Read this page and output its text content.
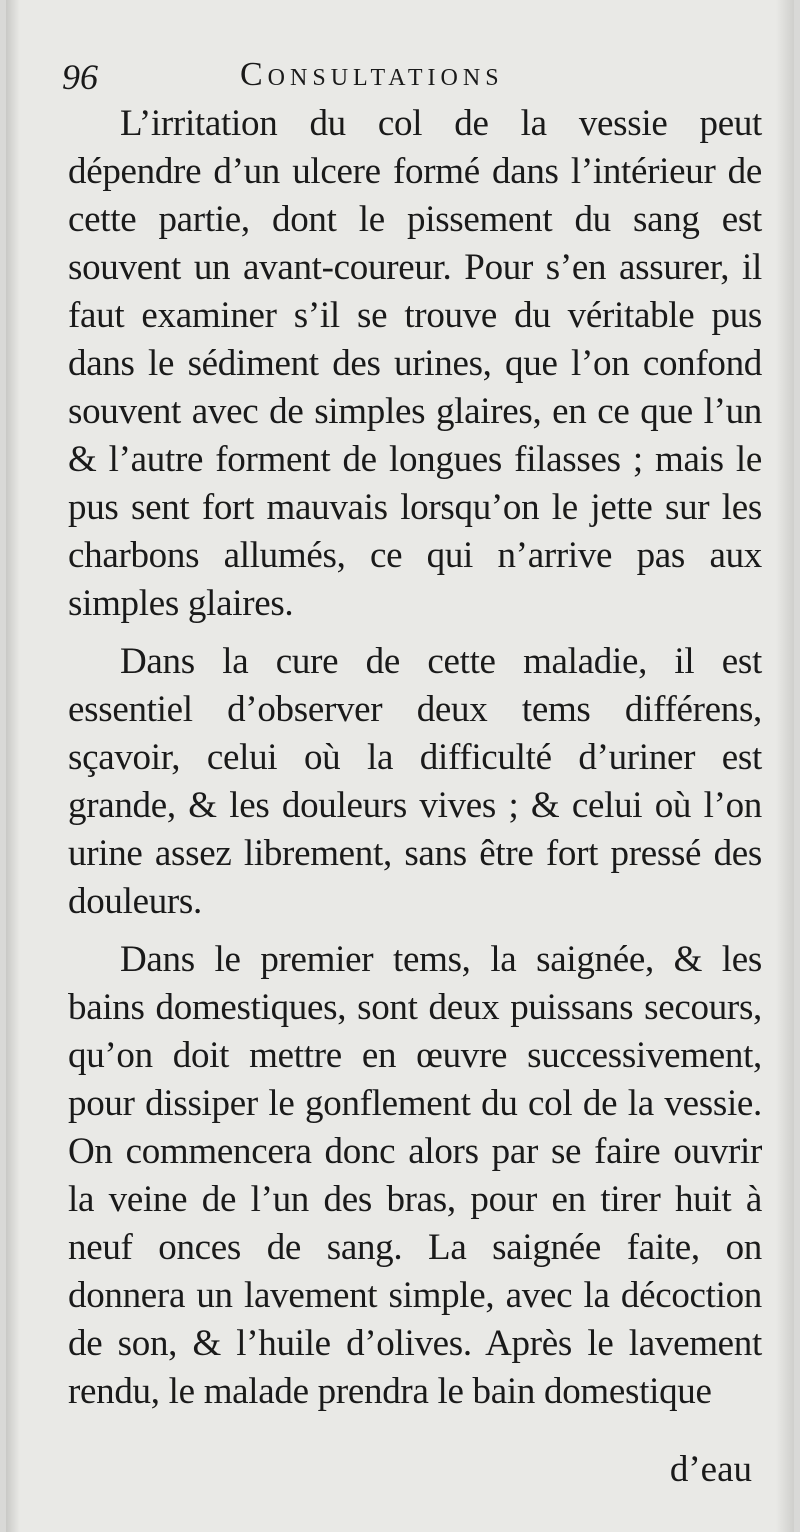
96	Consultations

L’irritation du col de la vessie peut dépendre d’un ulcere formé dans l’intérieur de cette partie, dont le pissement du sang est souvent un avant-coureur. Pour s’en assurer, il faut examiner s’il se trouve du véritable pus dans le sédiment des urines, que l’on confond souvent avec de simples glaires, en ce que l’un & l’autre forment de longues filasses ; mais le pus sent fort mauvais lorsqu’on le jette sur les charbons allumés, ce qui n’arrive pas aux simples glaires.

Dans la cure de cette maladie, il est essentiel d’observer deux tems différens, sçavoir, celui où la difficulté d’uriner est grande, & les douleurs vives ; & celui où l’on urine assez librement, sans être fort pressé des douleurs.

Dans le premier tems, la saignée, & les bains domestiques, sont deux puissans secours, qu’on doit mettre en œuvre successivement, pour dissiper le gonflement du col de la vessie. On commencera donc alors par se faire ouvrir la veine de l’un des bras, pour en tirer huit à neuf onces de sang. La saignée faite, on donnera un lavement simple, avec la décoction de son, & l’huile d’olives. Après le lavement rendu, le malade prendra le bain domestique

d’eau
